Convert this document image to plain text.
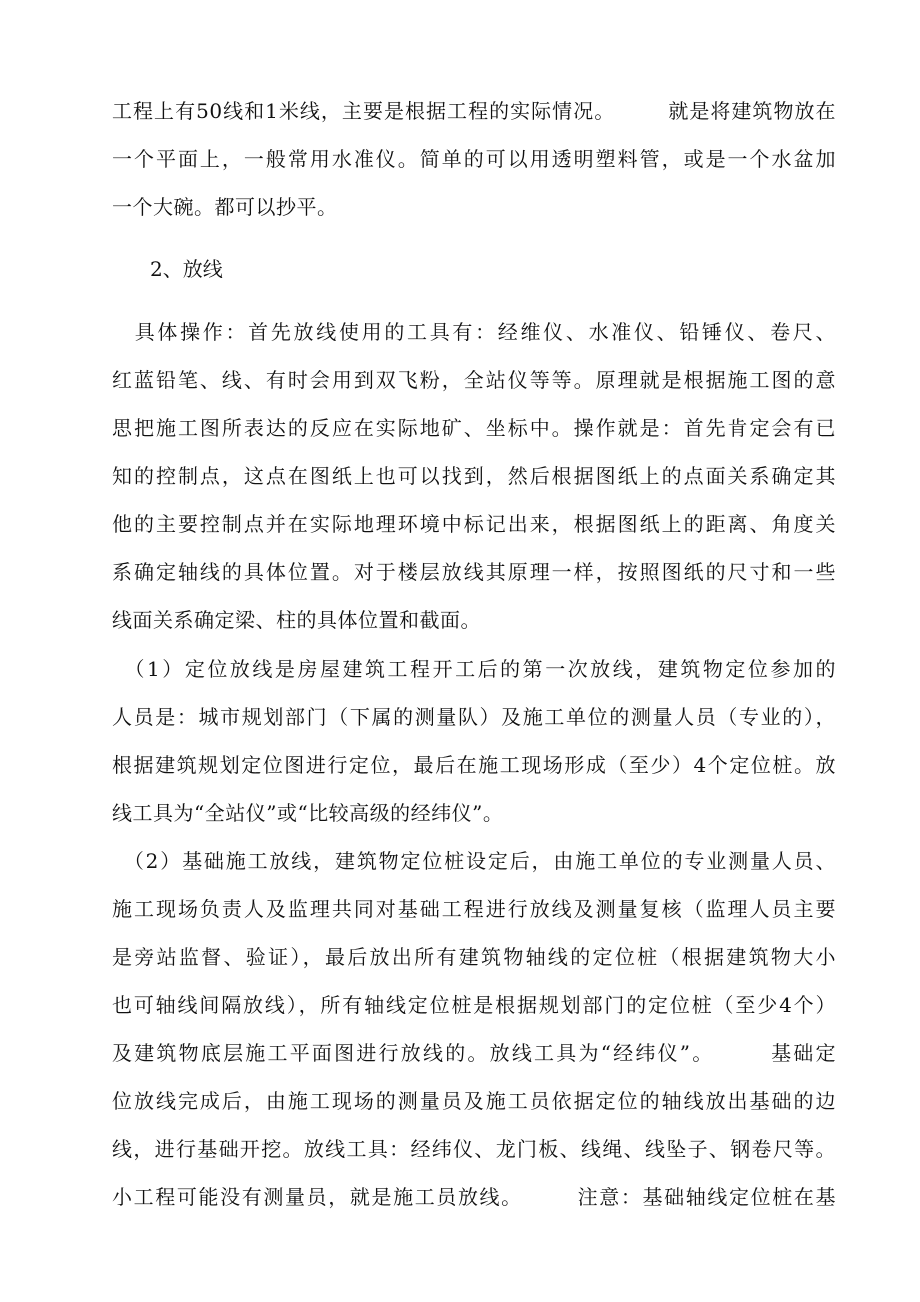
工程上有50线和1米线，主要是根据工程的实际情况。　　　就是将建筑物放在
一个平面上，一般常用水准仪。简单的可以用透明塑料管，或是一个水盆加
一个大碗。都可以抄平。
2、放线
　具体操作：首先放线使用的工具有：经维仪、水准仪、铅锤仪、卷尺、
红蓝铅笔、线、有时会用到双飞粉，全站仪等等。原理就是根据施工图的意
思把施工图所表达的反应在实际地矿、坐标中。操作就是：首先肯定会有已
知的控制点，这点在图纸上也可以找到，然后根据图纸上的点面关系确定其
他的主要控制点并在实际地理环境中标记出来，根据图纸上的距离、角度关
系确定轴线的具体位置。对于楼层放线其原理一样，按照图纸的尺寸和一些
线面关系确定梁、柱的具体位置和截面。
　（1）定位放线是房屋建筑工程开工后的第一次放线，建筑物定位参加的
人员是：城市规划部门（下属的测量队）及施工单位的测量人员（专业的），
根据建筑规划定位图进行定位，最后在施工现场形成（至少）4个定位桩。放
线工具为“全站仪”或“比较高级的经纬仪”。
　（2）基础施工放线，建筑物定位桩设定后，由施工单位的专业测量人员、
施工现场负责人及监理共同对基础工程进行放线及测量复核（监理人员主要
是旁站监督、验证），最后放出所有建筑物轴线的定位桩（根据建筑物大小
也可轴线间隔放线），所有轴线定位桩是根据规划部门的定位桩（至少4个）
及建筑物底层施工平面图进行放线的。放线工具为“经纬仪”。　　　基础定
位放线完成后，由施工现场的测量员及施工员依据定位的轴线放出基础的边
线，进行基础开挖。放线工具：经纬仪、龙门板、线绳、线坠子、钢卷尺等。
小工程可能没有测量员，就是施工员放线。　　　注意：基础轴线定位桩在基
